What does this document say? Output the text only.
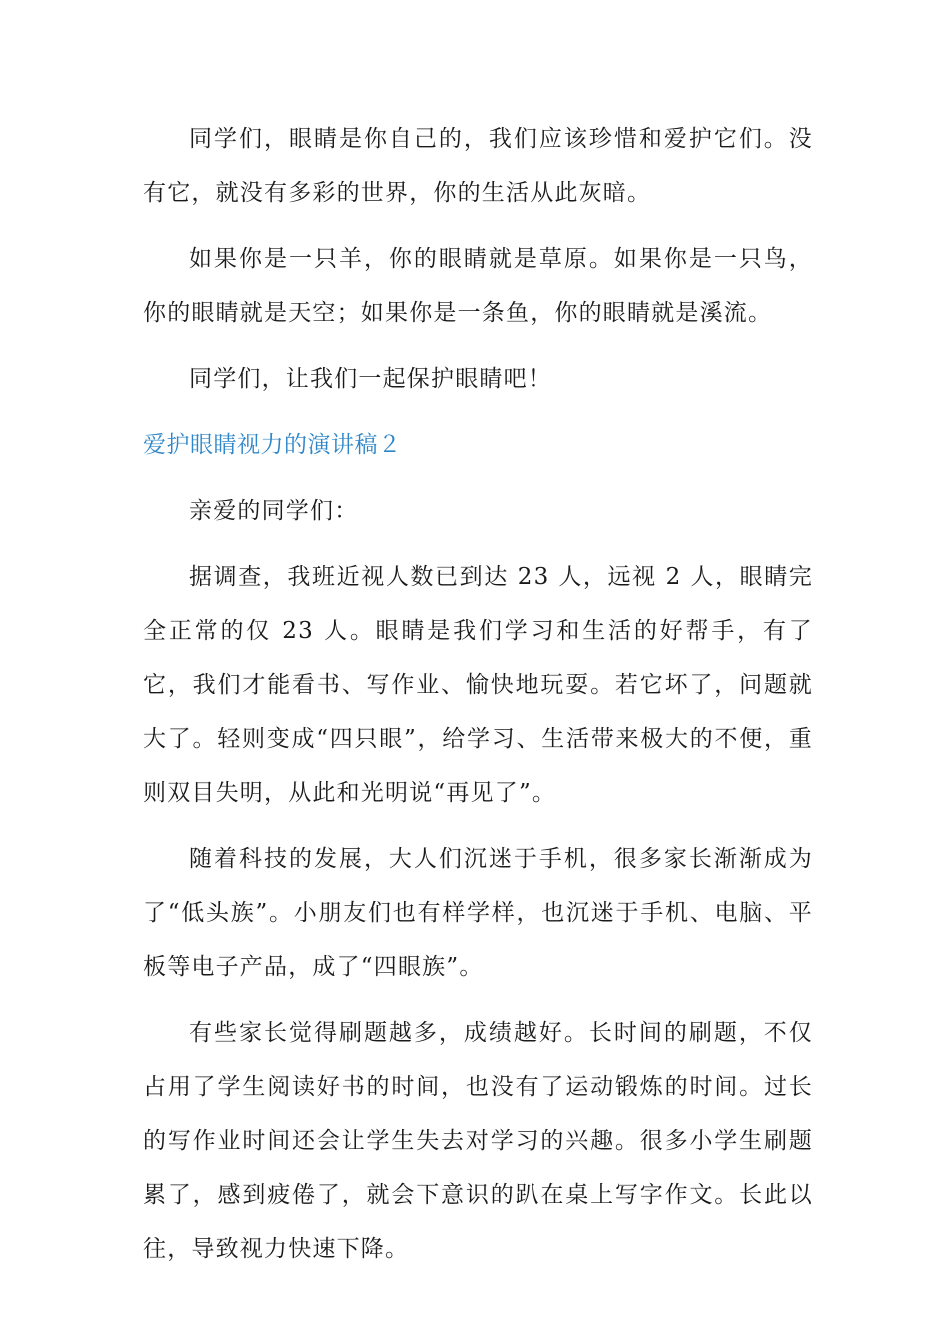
同学们，眼睛是你自己的，我们应该珍惜和爱护它们。没有它，就没有多彩的世界，你的生活从此灰暗。

如果你是一只羊，你的眼睛就是草原。如果你是一只鸟，你的眼睛就是天空；如果你是一条鱼，你的眼睛就是溪流。

同学们，让我们一起保护眼睛吧！

爱护眼睛视力的演讲稿２

亲爱的同学们：

据调查，我班近视人数已到达 23 人，远视 2 人，眼睛完全正常的仅 23 人。眼睛是我们学习和生活的好帮手，有了它，我们才能看书、写作业、愉快地玩耍。若它坏了，问题就大了。轻则变成“四只眼”，给学习、生活带来极大的不便，重则双目失明，从此和光明说“再见了”。

随着科技的发展，大人们沉迷于手机，很多家长渐渐成为了“低头族”。小朋友们也有样学样，也沉迷于手机、电脑、平板等电子产品，成了“四眼族”。

有些家长觉得刷题越多，成绩越好。长时间的刷题，不仅占用了学生阅读好书的时间，也没有了运动锻炼的时间。过长的写作业时间还会让学生失去对学习的兴趣。很多小学生刷题累了，感到疲倦了，就会下意识的趴在桌上写字作文。长此以往，导致视力快速下降。
